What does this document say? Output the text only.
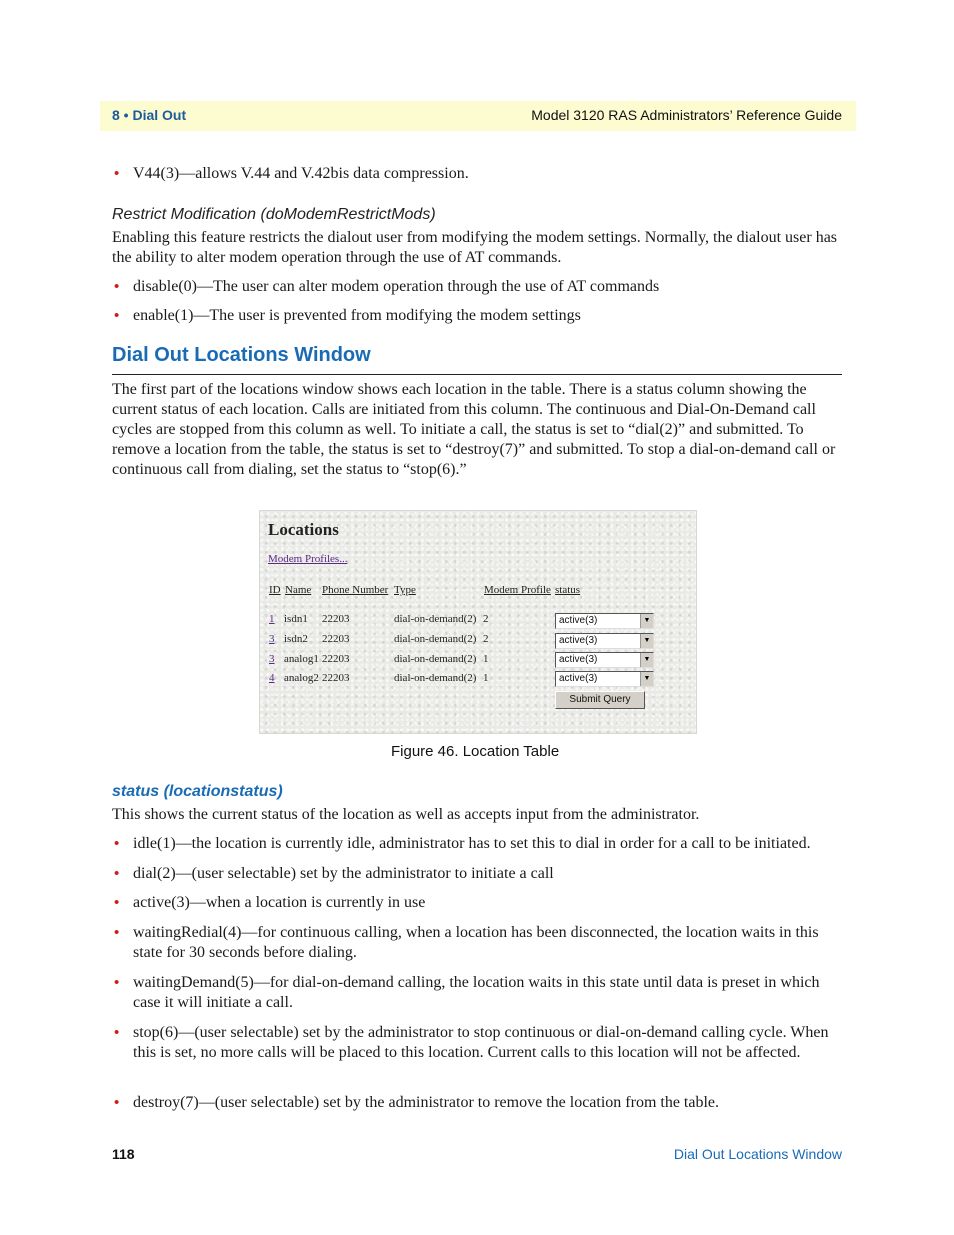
8 • Dial Out	Model 3120 RAS Administrators’ Reference Guide
• V44(3)—allows V.44 and V.42bis data compression.
Restrict Modification (doModemRestrictMods)
Enabling this feature restricts the dialout user from modifying the modem settings. Normally, the dialout user has the ability to alter modem operation through the use of AT commands.
• disable(0)—The user can alter modem operation through the use of AT commands
• enable(1)—The user is prevented from modifying the modem settings
Dial Out Locations Window
The first part of the locations window shows each location in the table. There is a status column showing the current status of each location. Calls are initiated from this column. The continuous and Dial-On-Demand call cycles are stopped from this column as well. To initiate a call, the status is set to “dial(2)” and submitted. To remove a location from the table, the status is set to “destroy(7)” and submitted. To stop a dial-on-demand call or continuous call from dialing, set the status to “stop(6).”
status (locationstatus)
This shows the current status of the location as well as accepts input from the administrator.
• idle(1)—the location is currently idle, administrator has to set this to dial in order for a call to be initiated.
• dial(2)—(user selectable) set by the administrator to initiate a call
• active(3)—when a location is currently in use
• waitingRedial(4)—for continuous calling, when a location has been disconnected, the location waits in this state for 30 seconds before dialing.
• waitingDemand(5)—for dial-on-demand calling, the location waits in this state until data is preset in which case it will initiate a call.
• stop(6)—(user selectable) set by the administrator to stop continuous or dial-on-demand calling cycle. When this is set, no more calls will be placed to this location. Current calls to this location will not be affected.
• destroy(7)—(user selectable) set by the administrator to remove the location from the table.
Locations
Modem Profiles...
ID Name Phone Number Type	Modem Profile status
1 isdn1 22203	dial-on-demand(2) 2	active(3)	▼
3 isdn2 22203	dial-on-demand(2) 2	active(3)	▼
3 analog1 22203	dial-on-demand(2) 1	active(3)	▼
4 analog2 22203	dial-on-demand(2) 1	active(3)	▼
Submit Query
Figure 46. Location Table
118	Dial Out Locations Window
